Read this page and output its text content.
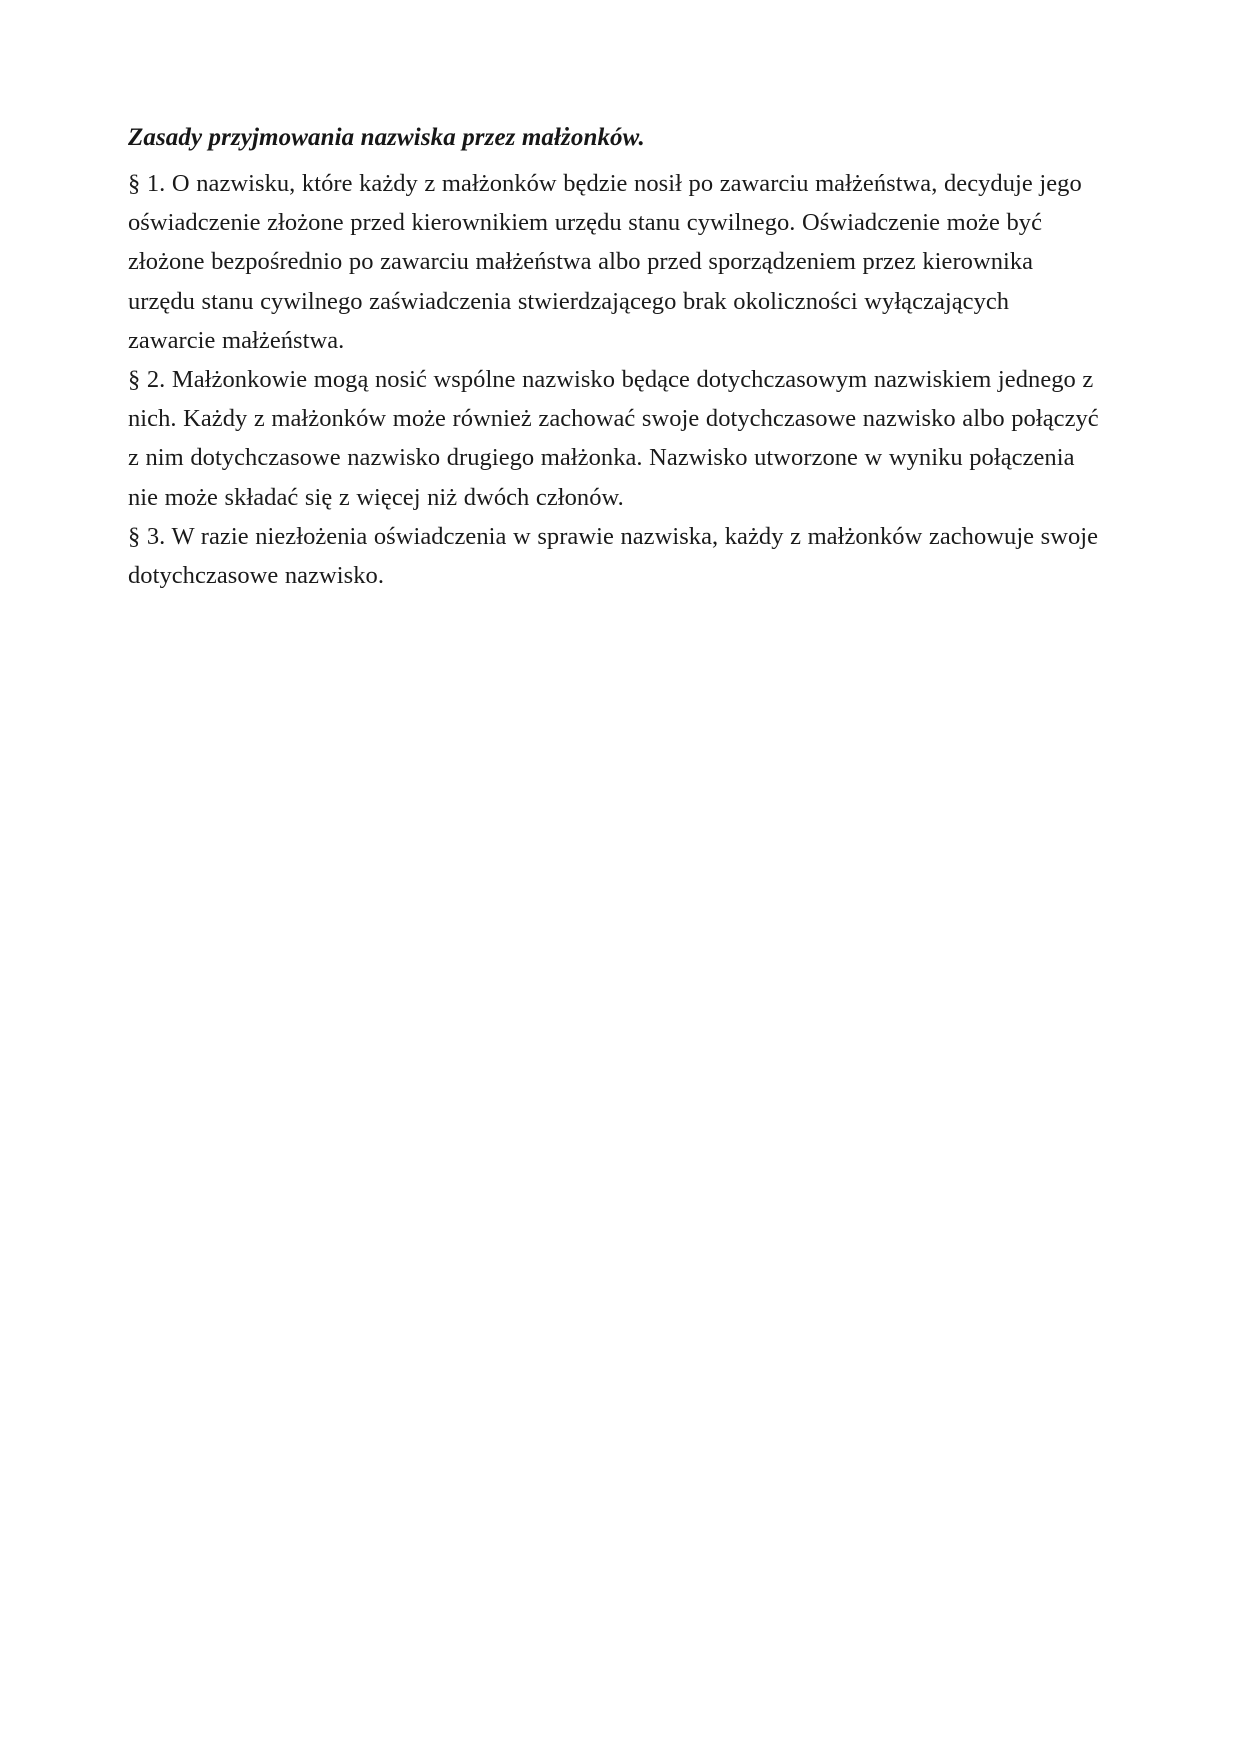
Zasady przyjmowania nazwiska przez małżonków.

§ 1. O nazwisku, które każdy z małżonków będzie nosił po zawarciu małżeństwa, decyduje jego oświadczenie złożone przed kierownikiem urzędu stanu cywilnego. Oświadczenie może być złożone bezpośrednio po zawarciu małżeństwa albo przed sporządzeniem przez kierownika urzędu stanu cywilnego zaświadczenia stwierdzającego brak okoliczności wyłączających zawarcie małżeństwa.

§ 2. Małżonkowie mogą nosić wspólne nazwisko będące dotychczasowym nazwiskiem jednego z nich. Każdy z małżonków może również zachować swoje dotychczasowe nazwisko albo połączyć z nim dotychczasowe nazwisko drugiego małżonka. Nazwisko utworzone w wyniku połączenia nie może składać się z więcej niż dwóch członów.

§ 3. W razie niezłożenia oświadczenia w sprawie nazwiska, każdy z małżonków zachowuje swoje dotychczasowe nazwisko.
